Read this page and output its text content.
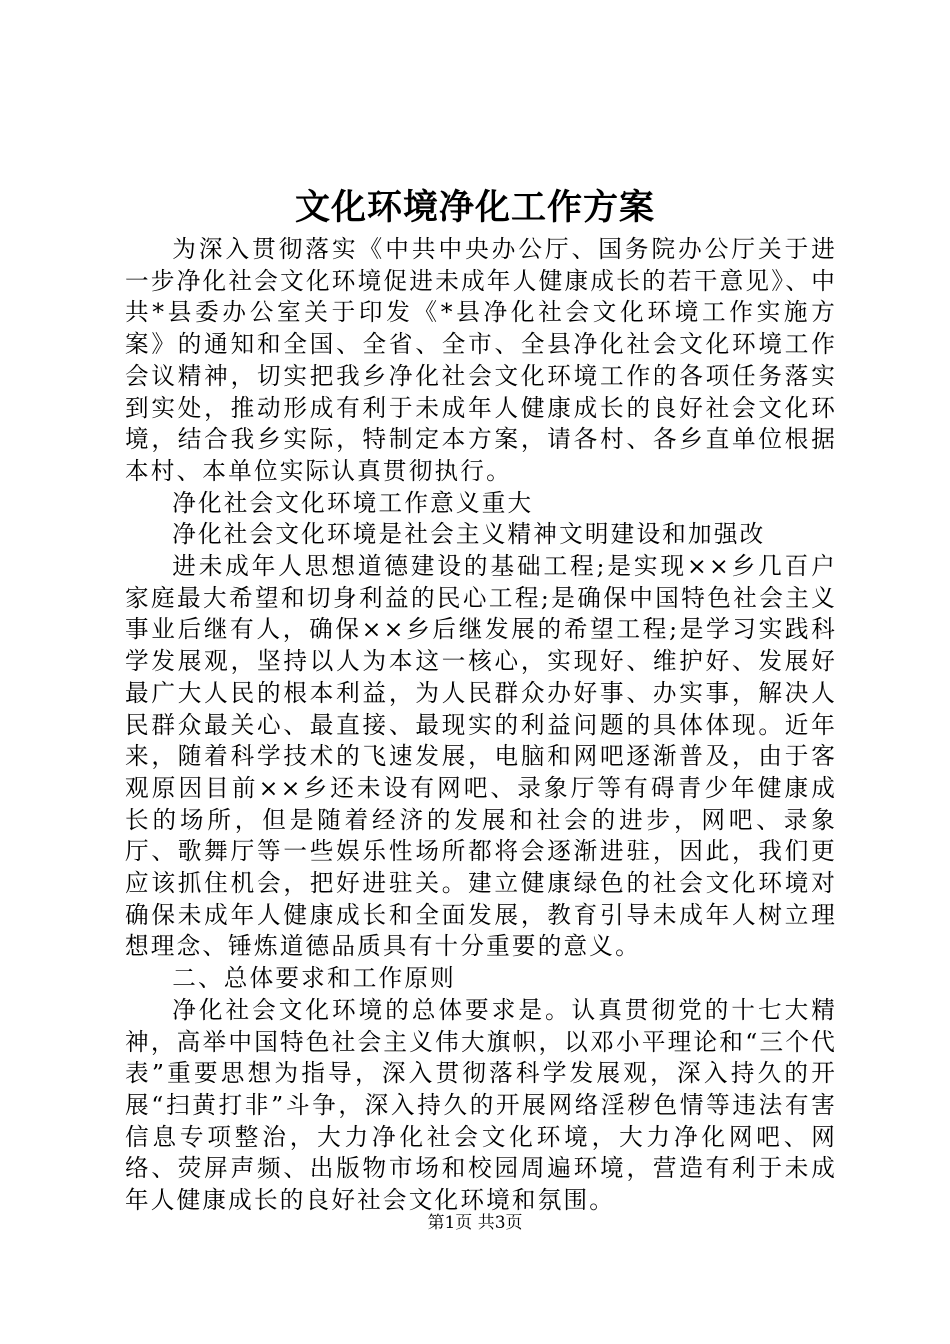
文化环境净化工作方案

为深入贯彻落实《中共中央办公厅、国务院办公厅关于进一步净化社会文化环境促进未成年人健康成长的若干意见》、中共*县委办公室关于印发《*县净化社会文化环境工作实施方案》的通知和全国、全省、全市、全县净化社会文化环境工作会议精神，切实把我乡净化社会文化环境工作的各项任务落实到实处，推动形成有利于未成年人健康成长的良好社会文化环境，结合我乡实际，特制定本方案，请各村、各乡直单位根据本村、本单位实际认真贯彻执行。

净化社会文化环境工作意义重大

净化社会文化环境是社会主义精神文明建设和加强改

进未成年人思想道德建设的基础工程;是实现××乡几百户家庭最大希望和切身利益的民心工程;是确保中国特色社会主义事业后继有人，确保××乡后继发展的希望工程;是学习实践科学发展观，坚持以人为本这一核心，实现好、维护好、发展好最广大人民的根本利益，为人民群众办好事、办实事，解决人民群众最关心、最直接、最现实的利益问题的具体体现。近年来，随着科学技术的飞速发展，电脑和网吧逐渐普及，由于客观原因目前××乡还未设有网吧、录象厅等有碍青少年健康成长的场所，但是随着经济的发展和社会的进步，网吧、录象厅、歌舞厅等一些娱乐性场所都将会逐渐进驻，因此，我们更应该抓住机会，把好进驻关。建立健康绿色的社会文化环境对确保未成年人健康成长和全面发展，教育引导未成年人树立理想理念、锤炼道德品质具有十分重要的意义。

二、总体要求和工作原则

净化社会文化环境的总体要求是。认真贯彻党的十七大精神，高举中国特色社会主义伟大旗帜，以邓小平理论和“三个代表”重要思想为指导，深入贯彻落科学发展观，深入持久的开展“扫黄打非”斗争，深入持久的开展网络淫秽色情等违法有害信息专项整治，大力净化社会文化环境，大力净化网吧、网络、荧屏声频、出版物市场和校园周遍环境，营造有利于未成年人健康成长的良好社会文化环境和氛围。

第1页 共3页
